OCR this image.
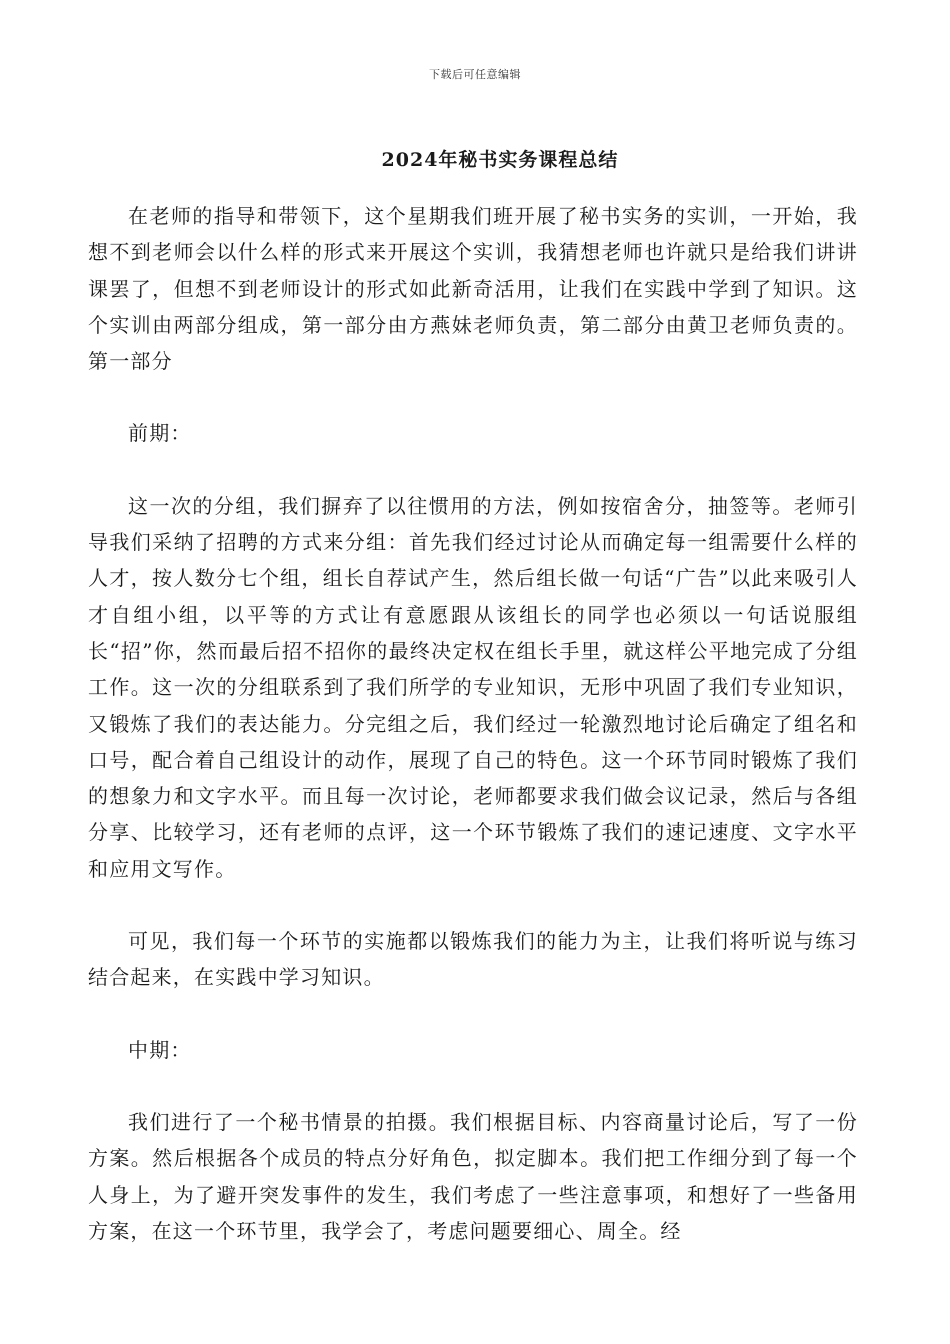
下载后可任意编辑
2024年秘书实务课程总结

在老师的指导和带领下，这个星期我们班开展了秘书实务的实训，一开始，我想不到老师会以什么样的形式来开展这个实训，我猜想老师也许就只是给我们讲讲课罢了，但想不到老师设计的形式如此新奇活用，让我们在实践中学到了知识。这个实训由两部分组成，第一部分由方燕妹老师负责，第二部分由黄卫老师负责的。 第一部分

前期：

这一次的分组，我们摒弃了以往惯用的方法，例如按宿舍分，抽签等。老师引导我们采纳了招聘的方式来分组：首先我们经过讨论从而确定每一组需要什么样的人才，按人数分七个组，组长自荐试产生，然后组长做一句话“广告”以此来吸引人才自组小组，以平等的方式让有意愿跟从该组长的同学也必须以一句话说服组长“招”你，然而最后招不招你的最终决定权在组长手里，就这样公平地完成了分组工作。这一次的分组联系到了我们所学的专业知识，无形中巩固了我们专业知识，又锻炼了我们的表达能力。分完组之后，我们经过一轮激烈地讨论后确定了组名和口号，配合着自己组设计的动作，展现了自己的特色。这一个环节同时锻炼了我们的想象力和文字水平。而且每一次讨论，老师都要求我们做会议记录，然后与各组分享、比较学习，还有老师的点评，这一个环节锻炼了我们的速记速度、文字水平和应用文写作。

可见，我们每一个环节的实施都以锻炼我们的能力为主，让我们将听说与练习结合起来，在实践中学习知识。

中期：

我们进行了一个秘书情景的拍摄。我们根据目标、内容商量讨论后，写了一份方案。然后根据各个成员的特点分好角色，拟定脚本。我们把工作细分到了每一个人身上，为了避开突发事件的发生，我们考虑了一些注意事项，和想好了一些备用方案，在这一个环节里，我学会了，考虑问题要细心、周全。经
